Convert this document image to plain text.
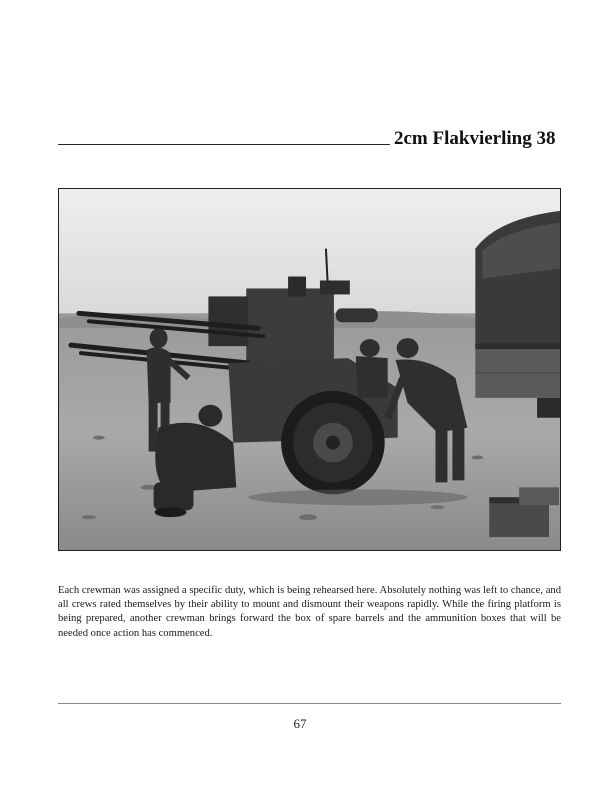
2cm Flakvierling 38

Each crewman was assigned a specific duty, which is being rehearsed here. Absolutely nothing was left to chance, and all crews rated themselves by their ability to mount and dismount their weapons rapidly. While the firing platform is being prepared, another crewman brings forward the box of spare barrels and the ammunition boxes that will be needed once action has commenced.

67
